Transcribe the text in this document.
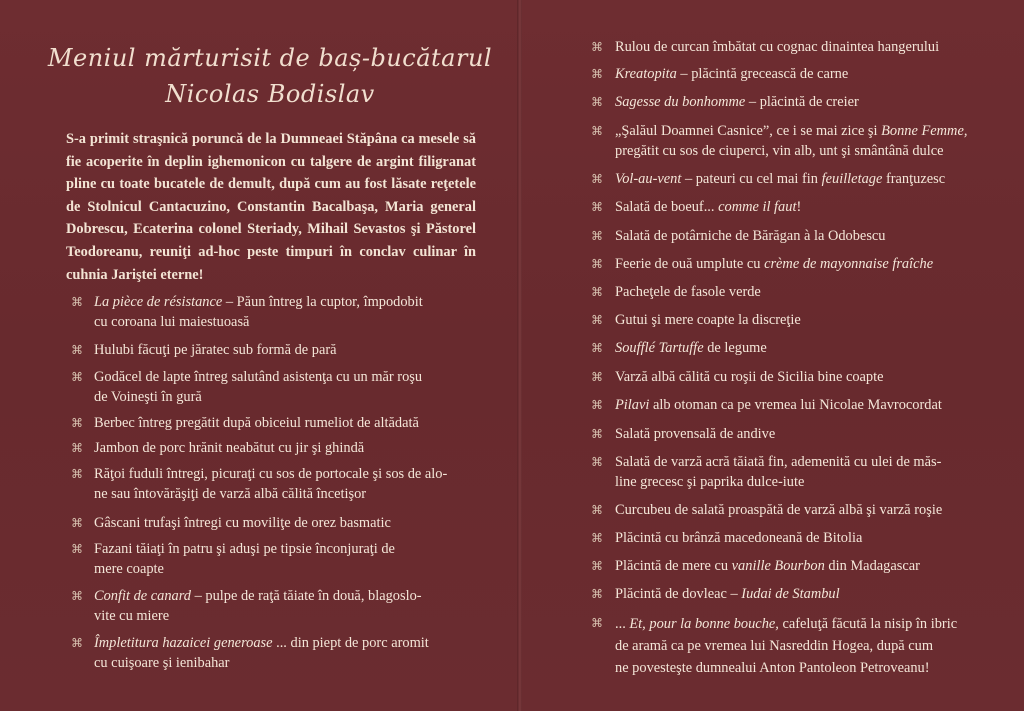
Meniul mărturisit de baș-bucătarul
Nicolas Bodislav
S-a primit straşnică poruncă de la Dumneaei Stăpâna ca mesele să fie acoperite în deplin ighemonicon cu talgere de argint filigranat pline cu toate bucatele de demult, după cum au fost lăsate reţetele de Stolnicul Cantacuzino, Constantin Bacalbaşa, Maria general Dobrescu, Ecaterina colonel Steriady, Mihail Sevastos şi Păstorel Teodoreanu, reuniţi ad-hoc peste timpuri în conclav culinar în cuhnia Jariştei eterne!
⌘ La pièce de résistance – Păun întreg la cuptor, împodobit
cu coroana lui maiestuoasă
⌘ Hulubi făcuţi pe jăratec sub formă de pară
⌘ Godăcel de lapte întreg salutând asistenţa cu un măr roşu
de Voineşti în gură
⌘ Berbec întreg pregătit după obiceiul rumeliot de altădată
⌘ Jambon de porc hrănit neabătut cu jir şi ghindă
⌘ Răţoi fuduli întregi, picuraţi cu sos de portocale şi sos de alo-
ne sau întovărăşiţi de varză albă călită încetişor
⌘ Gâscani trufaşi întregi cu moviliţe de orez basmatic
⌘ Fazani tăiaţi în patru şi aduşi pe tipsie înconjuraţi de
mere coapte
⌘ Confit de canard – pulpe de raţă tăiate în două, blagoslo-
vite cu miere
⌘ Împletitura hazaicei generoase ... din piept de porc aromit
cu cuişoare şi ienibahar
⌘ Rulou de curcan îmbătat cu cognac dinaintea hangerului
⌘ Kreatopita – plăcintă grecească de carne
⌘ Sagesse du bonhomme – plăcintă de creier
⌘ „Şalăul Doamnei Casnice”, ce i se mai zice şi Bonne Femme,
pregătit cu sos de ciuperci, vin alb, unt şi smântână dulce
⌘ Vol-au-vent – pateuri cu cel mai fin feuilletage franţuzesc
⌘ Salată de boeuf... comme il faut!
⌘ Salată de potârniche de Bărăgan à la Odobescu
⌘ Feerie de ouă umplute cu crème de mayonnaise fraîche
⌘ Pacheţele de fasole verde
⌘ Gutui şi mere coapte la discreţie
⌘ Soufflé Tartuffe de legume
⌘ Varză albă călită cu roşii de Sicilia bine coapte
⌘ Pilavi alb otoman ca pe vremea lui Nicolae Mavrocordat
⌘ Salată provensală de andive
⌘ Salată de varză acră tăiată fin, ademenită cu ulei de măs-
line grecesc şi paprika dulce-iute
⌘ Curcubeu de salată proaspătă de varză albă şi varză roşie
⌘ Plăcintă cu brânză macedoneană de Bitolia
⌘ Plăcintă de mere cu vanille Bourbon din Madagascar
⌘ Plăcintă de dovleac – Iudai de Stambul
⌘ ... Et, pour la bonne bouche, cafeluţă făcută la nisip în ibric
de aramă ca pe vremea lui Nasreddin Hogea, după cum
ne povesteşte dumnealui Anton Pantoleon Petroveanu!
